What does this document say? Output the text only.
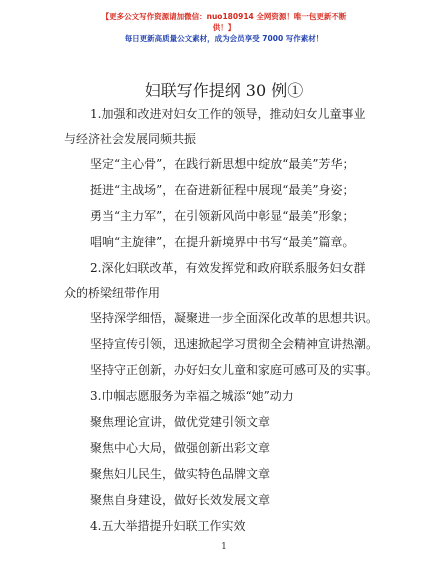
【更多公文写作资源请加微信：nuo180914 全网资源！唯一包更新不断供！】
每日更新高质量公文素材，成为会员享受 7000 写作素材！
妇联写作提纲 30 例①
1.加强和改进对妇女工作的领导，推动妇女儿童事业与经济社会发展同频共振
坚定“主心骨”，在践行新思想中绽放“最美”芳华；
挺进“主战场”，在奋进新征程中展现“最美”身姿；
勇当“主力军”，在引领新风尚中彰显“最美”形象；
唱响“主旋律”，在提升新境界中书写“最美”篇章。
2.深化妇联改革，有效发挥党和政府联系服务妇女群众的桥梁纽带作用
坚持深学细悟，凝聚进一步全面深化改革的思想共识。
坚持宣传引领，迅速掀起学习贯彻全会精神宣讲热潮。
坚持守正创新，办好妇女儿童和家庭可感可及的实事。
3.巾帼志愿服务为幸福之城添“她”动力
聚焦理论宣讲，做优党建引领文章
聚焦中心大局，做强创新出彩文章
聚焦妇儿民生，做实特色品牌文章
聚焦自身建设，做好长效发展文章
4.五大举措提升妇联工作实效
1
